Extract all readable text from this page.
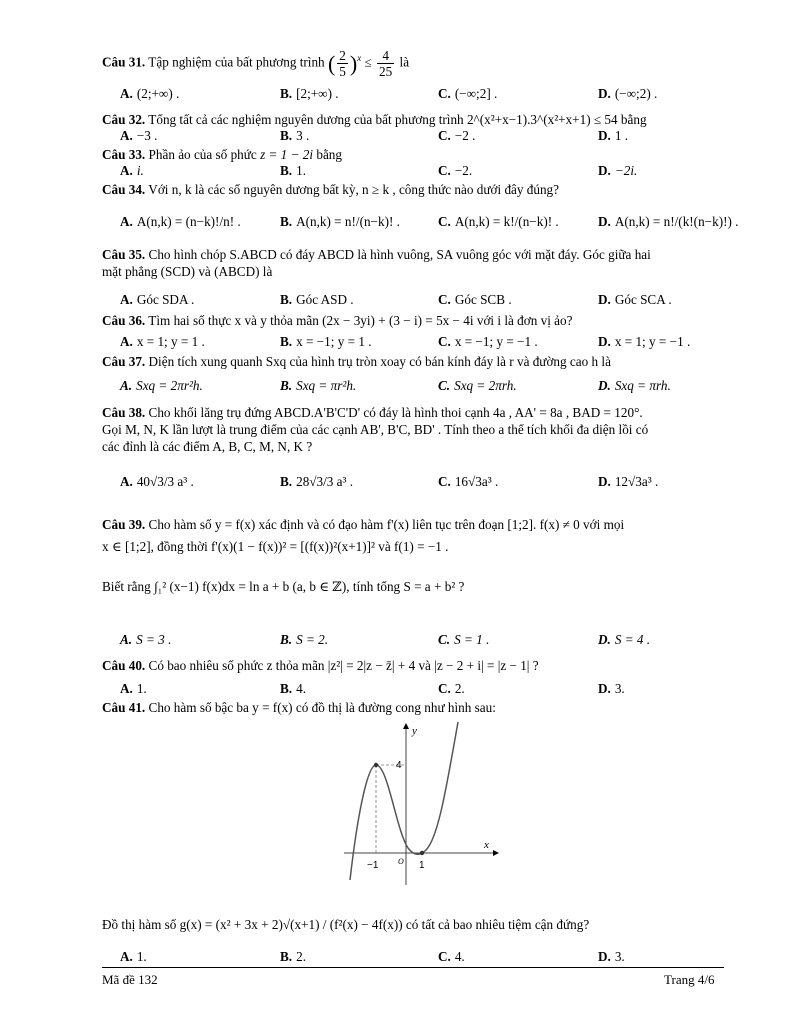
Câu 31. Tập nghiệm của bất phương trình ( $\frac{2}{5} )^x \le \frac{4}{25}$ là
A. (2;+∞) .	B. [2;+∞) .	C. (−∞;2] .	D. (−∞;2) .
Câu 32. Tổng tất cả các nghiệm nguyên dương của bất phương trình 2^(x²+x−1).3^(x²+x+1) ≤ 54 bằng
A. −3 .	B. 3 .	C. −2 .	D. 1 .
Câu 33. Phần ảo của số phức z = 1 − 2i bằng
A. i.	B. 1.	C. −2.	D. −2i.
Câu 34. Với n, k là các số nguyên dương bất kỳ, n ≥ k , công thức nào dưới đây đúng?
A. A(n,k) = (n−k)!/n! .	B. A(n,k) = n!/(n−k)! .	C. A(n,k) = k!/(n−k)! .	D. A(n,k) = n!/(k!(n−k)!) .
Câu 35. Cho hình chóp S.ABCD có đáy ABCD là hình vuông, SA vuông góc với mặt đáy. Góc giữa hai
mặt phẳng (SCD) và (ABCD) là
A. Góc SDA .	B. Góc ASD .	C. Góc SCB .	D. Góc SCA .
Câu 36. Tìm hai số thực x và y thỏa mãn (2x − 3yi) + (3 − i) = 5x − 4i với i là đơn vị ảo?
A. x = 1; y = 1 .	B. x = −1; y = 1 .	C. x = −1; y = −1 .	D. x = 1; y = −1 .
Câu 37. Diện tích xung quanh Sxq của hình trụ tròn xoay có bán kính đáy là r và đường cao h là
A. Sxq = 2πr²h.	B. Sxq = πr²h.	C. Sxq = 2πrh.	D. Sxq = πrh.
Câu 38. Cho khối lăng trụ đứng ABCD.A'B'C'D' có đáy là hình thoi cạnh 4a , AA' = 8a , BAD = 120°.
Gọi M, N, K lần lượt là trung điểm của các cạnh AB', B'C, BD' . Tính theo a thể tích khối đa diện lồi có
các đỉnh là các điểm A, B, C, M, N, K ?
A. 40√3/3 a³ .	B. 28√3/3 a³ .	C. 16√3a³ .	D. 12√3a³ .
Câu 39. Cho hàm số y = f(x) xác định và có đạo hàm f'(x) liên tục trên đoạn [1;2]. f(x) ≠ 0 với mọi
x ∈ [1;2], đồng thời f'(x)(1 − f(x))² = [(f(x))²(x+1)]² và f(1) = −1 .
Biết rằng ∫₁² (x−1) f(x)dx = ln a + b (a, b ∈ ℤ), tính tổng S = a + b² ?
A. S = 3 .	B. S = 2.	C. S = 1 .	D. S = 4 .
Câu 40. Có bao nhiêu số phức z thỏa mãn |z²| = 2|z − z̄| + 4 và |z − 2 + i| = |z − 1| ?
A. 1.	B. 4.	C. 2.	D. 3.
Câu 41. Cho hàm số bậc ba y = f(x) có đồ thị là đường cong như hình sau:
Đồ thị hàm số g(x) = (x² + 3x + 2)√(x+1) / (f²(x) − 4f(x)) có tất cả bao nhiêu tiệm cận đứng?
A. 1.	B. 2.	C. 4.	D. 3.
y
x
4
−1 O 1
Mã đề 132	Trang 4/6
